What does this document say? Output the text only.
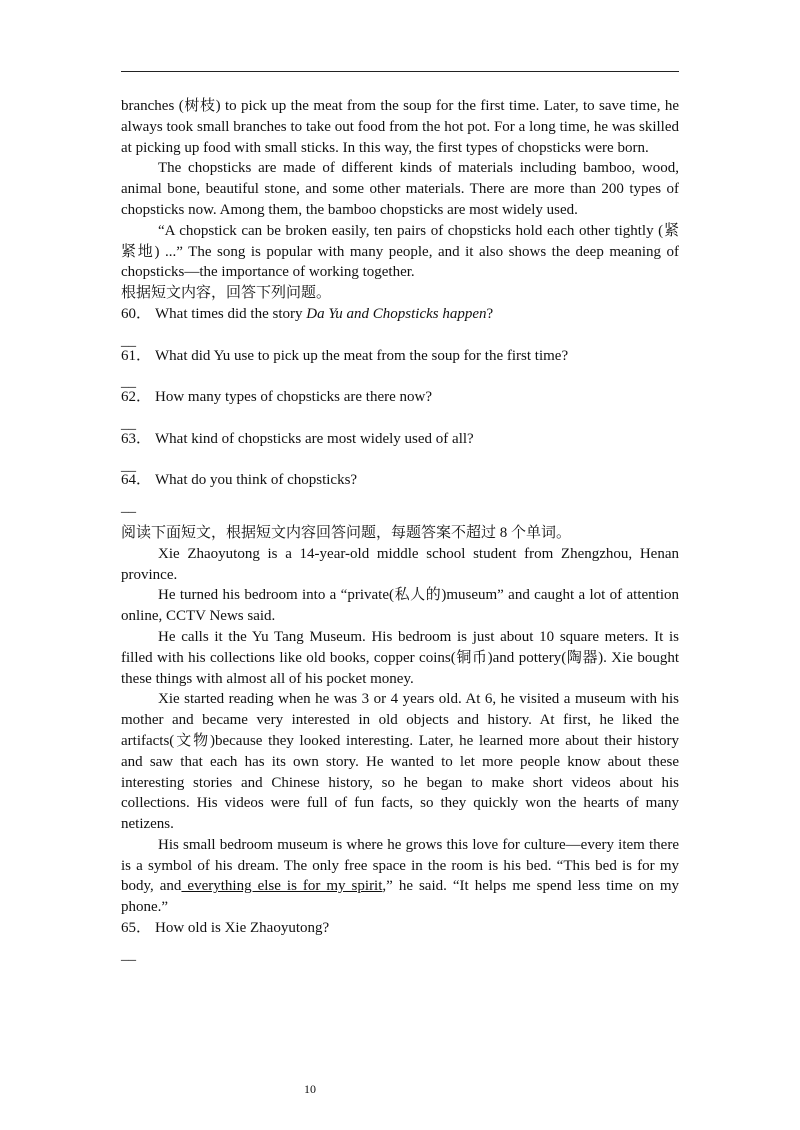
branches (树枝) to pick up the meat from the soup for the first time. Later, to save time, he always took small branches to take out food from the hot pot. For a long time, he was skilled at picking up food with small sticks. In this way, the first types of chopsticks were born.

The chopsticks are made of different kinds of materials including bamboo, wood, animal bone, beautiful stone, and some other materials. There are more than 200 types of chopsticks now. Among them, the bamboo chopsticks are most widely used.

“A chopstick can be broken easily, ten pairs of chopsticks hold each other tightly (紧紧地) ...” The song is popular with many people, and it also shows the deep meaning of chopsticks—the importance of working together.

根据短文内容，回答下列问题。

60． What times did the story Da Yu and Chopsticks happen?

__

61． What did Yu use to pick up the meat from the soup for the first time?

__

62． How many types of chopsticks are there now?

__

63． What kind of chopsticks are most widely used of all?

__

64． What do you think of chopsticks?

__

阅读下面短文，根据短文内容回答问题，每题答案不超过 8 个单词。

Xie Zhaoyutong is a 14-year-old middle school student from Zhengzhou, Henan province.

He turned his bedroom into a “private(私人的)museum” and caught a lot of attention online, CCTV News said.

He calls it the Yu Tang Museum. His bedroom is just about 10 square meters. It is filled with his collections like old books, copper coins(铜币)and pottery(陶器). Xie bought these things with almost all of his pocket money.

Xie started reading when he was 3 or 4 years old. At 6, he visited a museum with his mother and became very interested in old objects and history. At first, he liked the artifacts(文物)because they looked interesting. Later, he learned more about their history and saw that each has its own story. He wanted to let more people know about these interesting stories and Chinese history, so he began to make short videos about his collections. His videos were full of fun facts, so they quickly won the hearts of many netizens.

His small bedroom museum is where he grows this love for culture—every item there is a symbol of his dream. The only free space in the room is his bed. “This bed is for my body, and everything else is for my spirit,” he said. “It helps me spend less time on my phone.”

65． How old is Xie Zhaoyutong?

__

10
